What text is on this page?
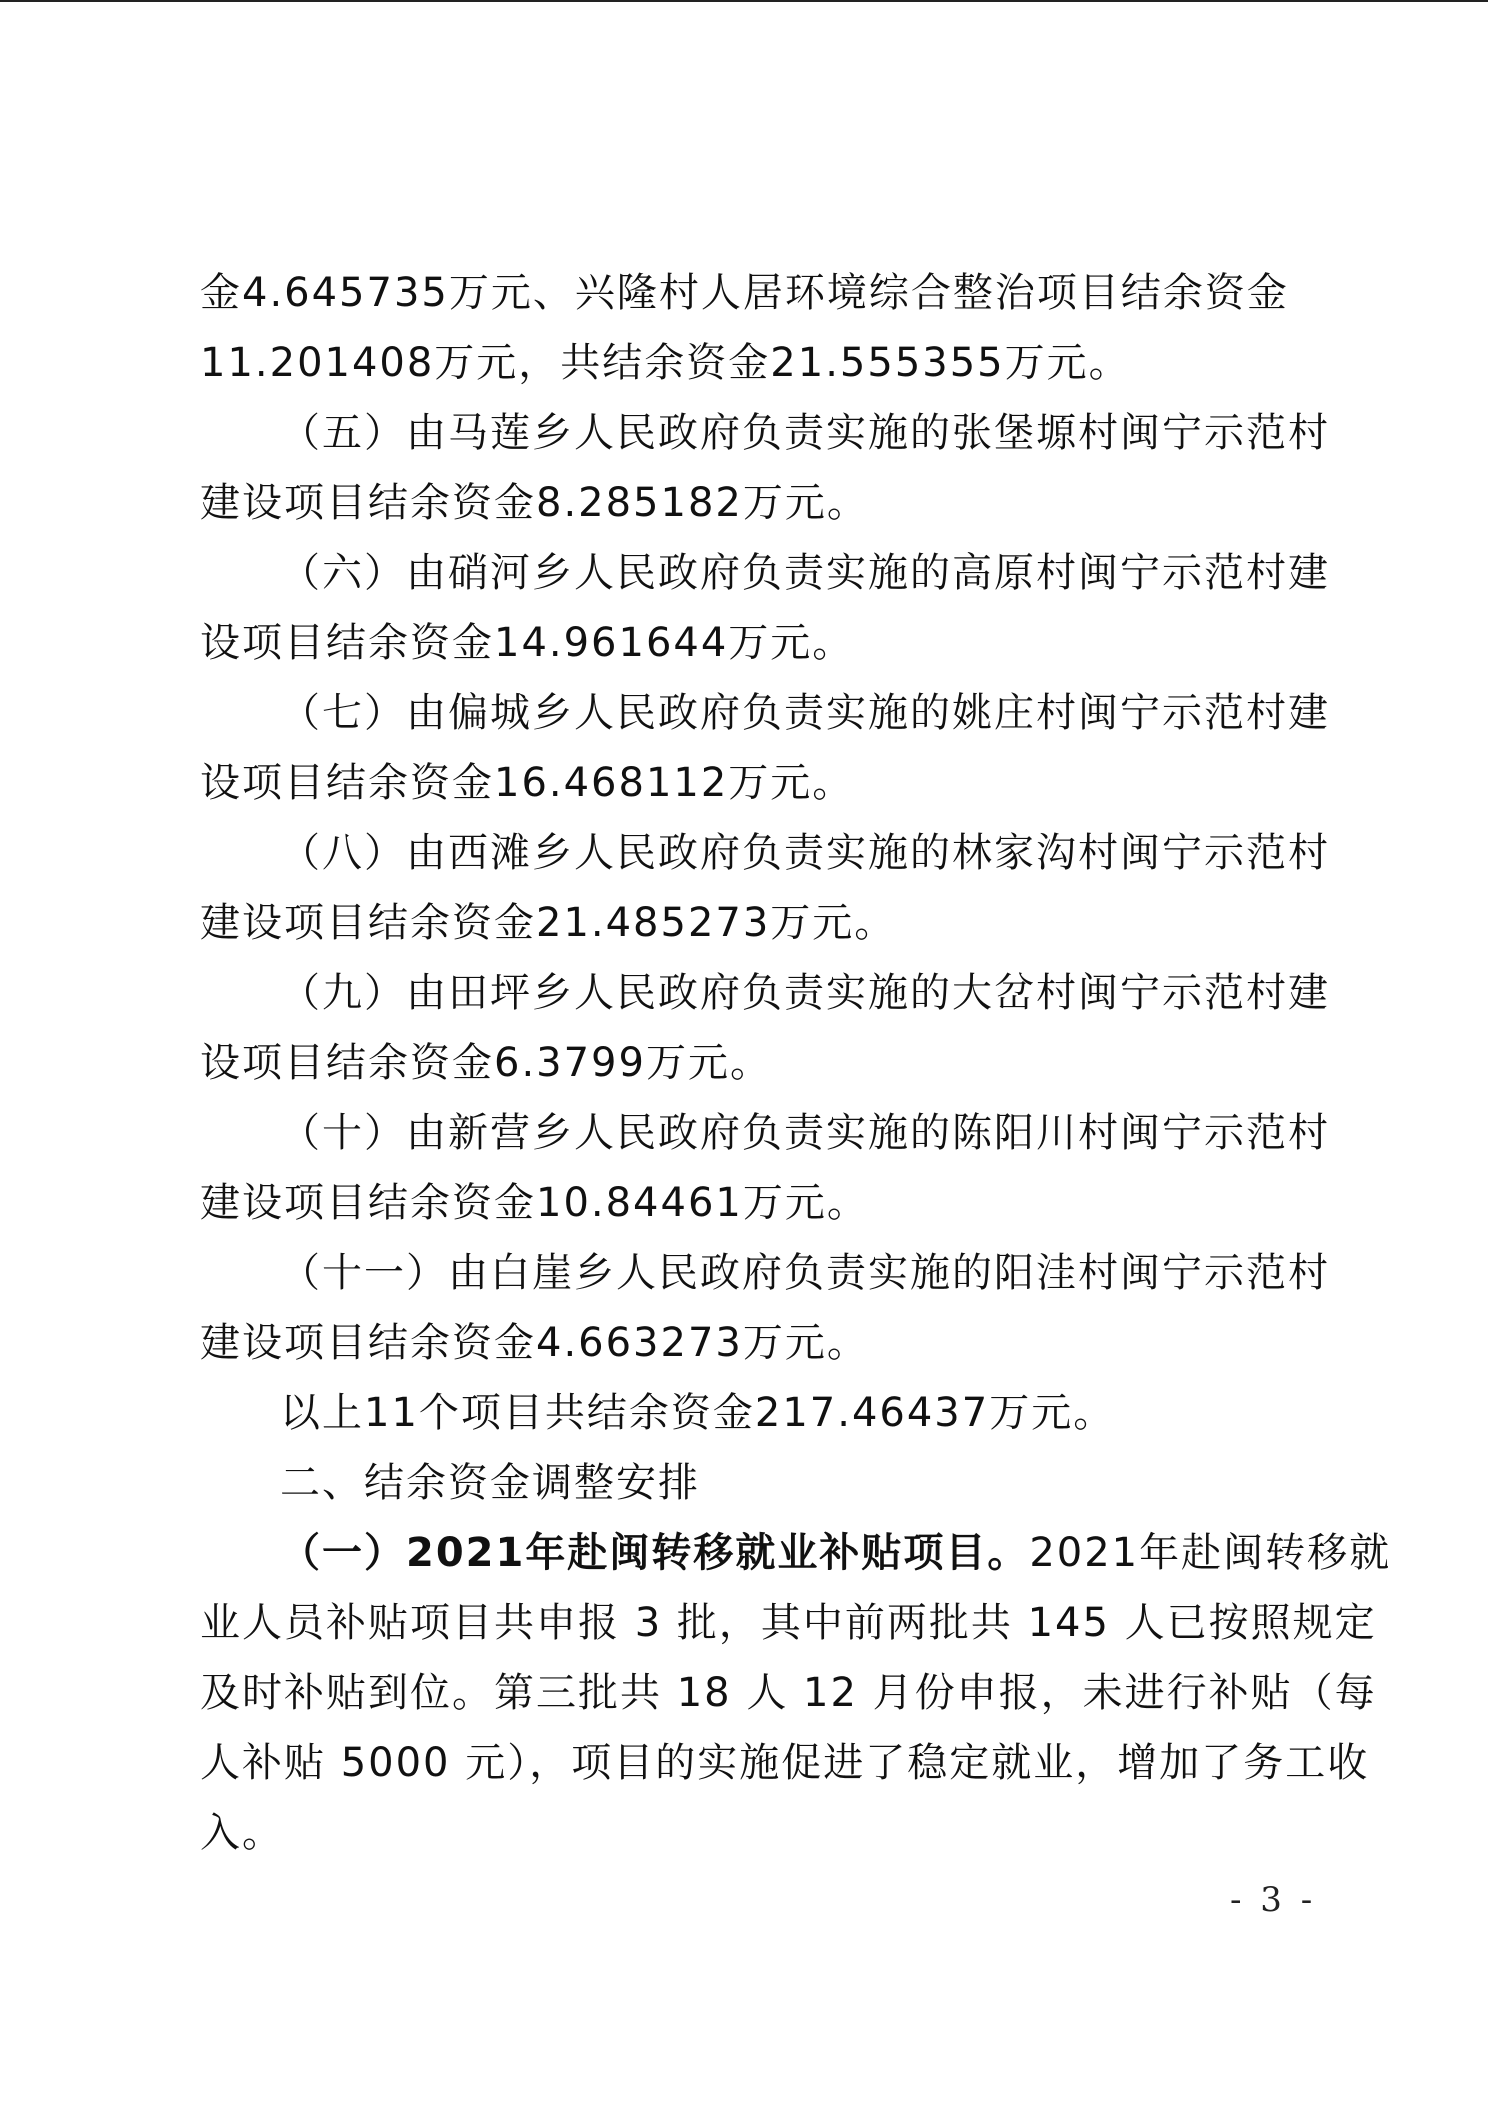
金4.645735万元、兴隆村人居环境综合整治项目结余资金
11.201408万元，共结余资金21.555355万元。
（五）由马莲乡人民政府负责实施的张堡塬村闽宁示范村
建设项目结余资金8.285182万元。
（六）由硝河乡人民政府负责实施的高原村闽宁示范村建
设项目结余资金14.961644万元。
（七）由偏城乡人民政府负责实施的姚庄村闽宁示范村建
设项目结余资金16.468112万元。
（八）由西滩乡人民政府负责实施的林家沟村闽宁示范村
建设项目结余资金21.485273万元。
（九）由田坪乡人民政府负责实施的大岔村闽宁示范村建
设项目结余资金6.3799万元。
（十）由新营乡人民政府负责实施的陈阳川村闽宁示范村
建设项目结余资金10.84461万元。
（十一）由白崖乡人民政府负责实施的阳洼村闽宁示范村
建设项目结余资金4.663273万元。
以上11个项目共结余资金217.46437万元。
二、结余资金调整安排
（一）2021年赴闽转移就业补贴项目。2021年赴闽转移就
业人员补贴项目共申报 3 批，其中前两批共 145 人已按照规定
及时补贴到位。第三批共 18 人 12 月份申报，未进行补贴（每
人补贴 5000 元），项目的实施促进了稳定就业，增加了务工收
入。
- 3 -
